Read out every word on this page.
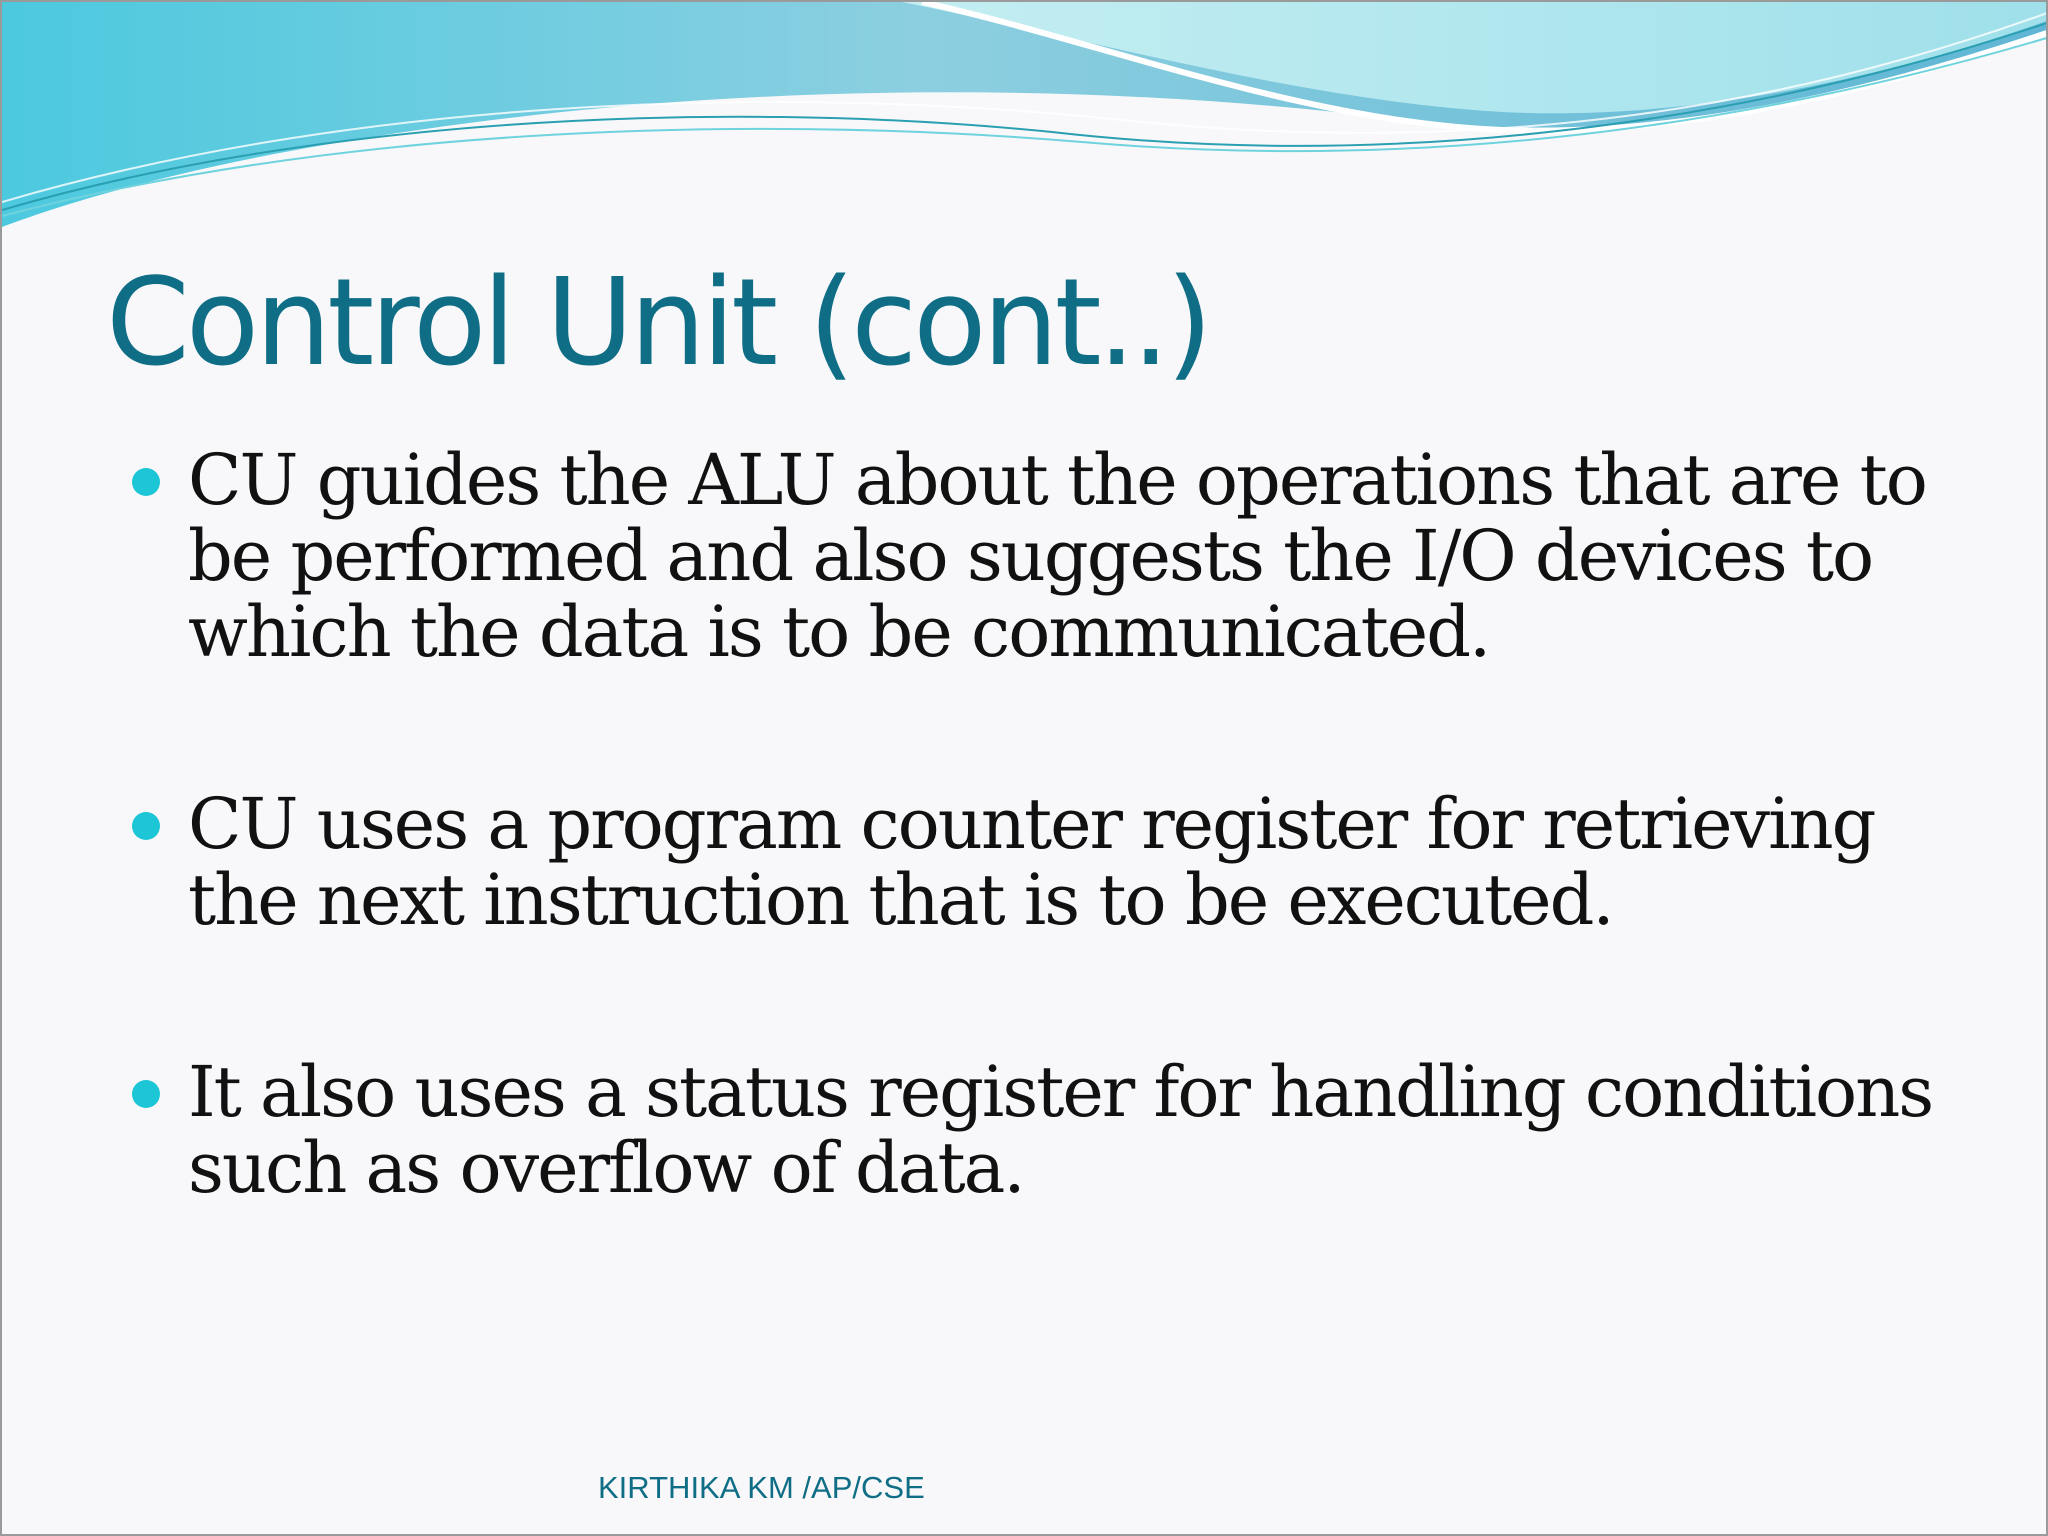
Control Unit (cont..)
CU guides the ALU about the operations that are to be performed and also suggests the I/O devices to which the data is to be communicated.
CU uses a program counter register for retrieving the next instruction that is to be executed.
It also uses a status register for handling conditions such as overflow of data.
KIRTHIKA KM /AP/CSE
